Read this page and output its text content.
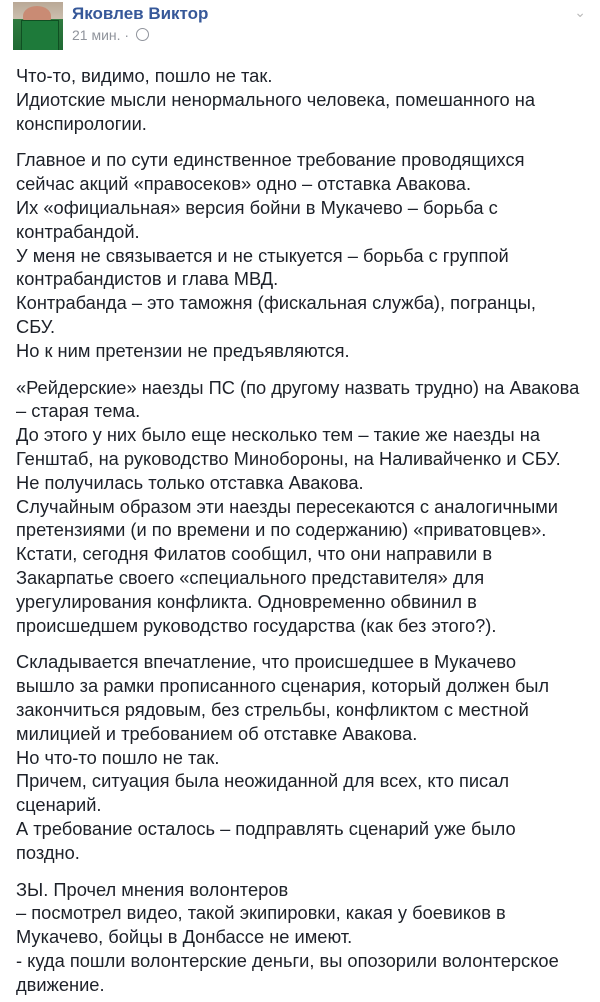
Яковлев Виктор
21 мин. ·
⌄
Что-то, видимо, пошло не так.
Идиотские мысли ненормального человека, помешанного на
конспирологии.
Главное и по сути единственное требование проводящихся
сейчас акций «правосеков» одно – отставка Авакова.
Их «официальная» версия бойни в Мукачево – борьба с
контрабандой.
У меня не связывается и не стыкуется – борьба с группой
контрабандистов и глава МВД.
Контрабанда – это таможня (фискальная служба), погранцы,
СБУ.
Но к ним претензии не предъявляются.
«Рейдерские» наезды ПС (по другому назвать трудно) на Авакова
– старая тема.
До этого у них было еще несколько тем – такие же наезды на
Генштаб, на руководство Минобороны, на Наливайченко и СБУ.
Не получилась только отставка Авакова.
Случайным образом эти наезды пересекаются с аналогичными
претензиями (и по времени и по содержанию) «приватовцев».
Кстати, сегодня Филатов сообщил, что они направили в
Закарпатье своего «специального представителя» для
урегулирования конфликта. Одновременно обвинил в
происшедшем руководство государства (как без этого?).
Складывается впечатление, что происшедшее в Мукачево
вышло за рамки прописанного сценария, который должен был
закончиться рядовым, без стрельбы, конфликтом с местной
милицией и требованием об отставке Авакова.
Но что-то пошло не так.
Причем, ситуация была неожиданной для всех, кто писал
сценарий.
А требование осталось – подправлять сценарий уже было
поздно.
ЗЫ. Прочел мнения волонтеров
– посмотрел видео, такой экипировки, какая у боевиков в
Мукачево, бойцы в Донбассе не имеют.
- куда пошли волонтерские деньги, вы опозорили волонтерское
движение.
